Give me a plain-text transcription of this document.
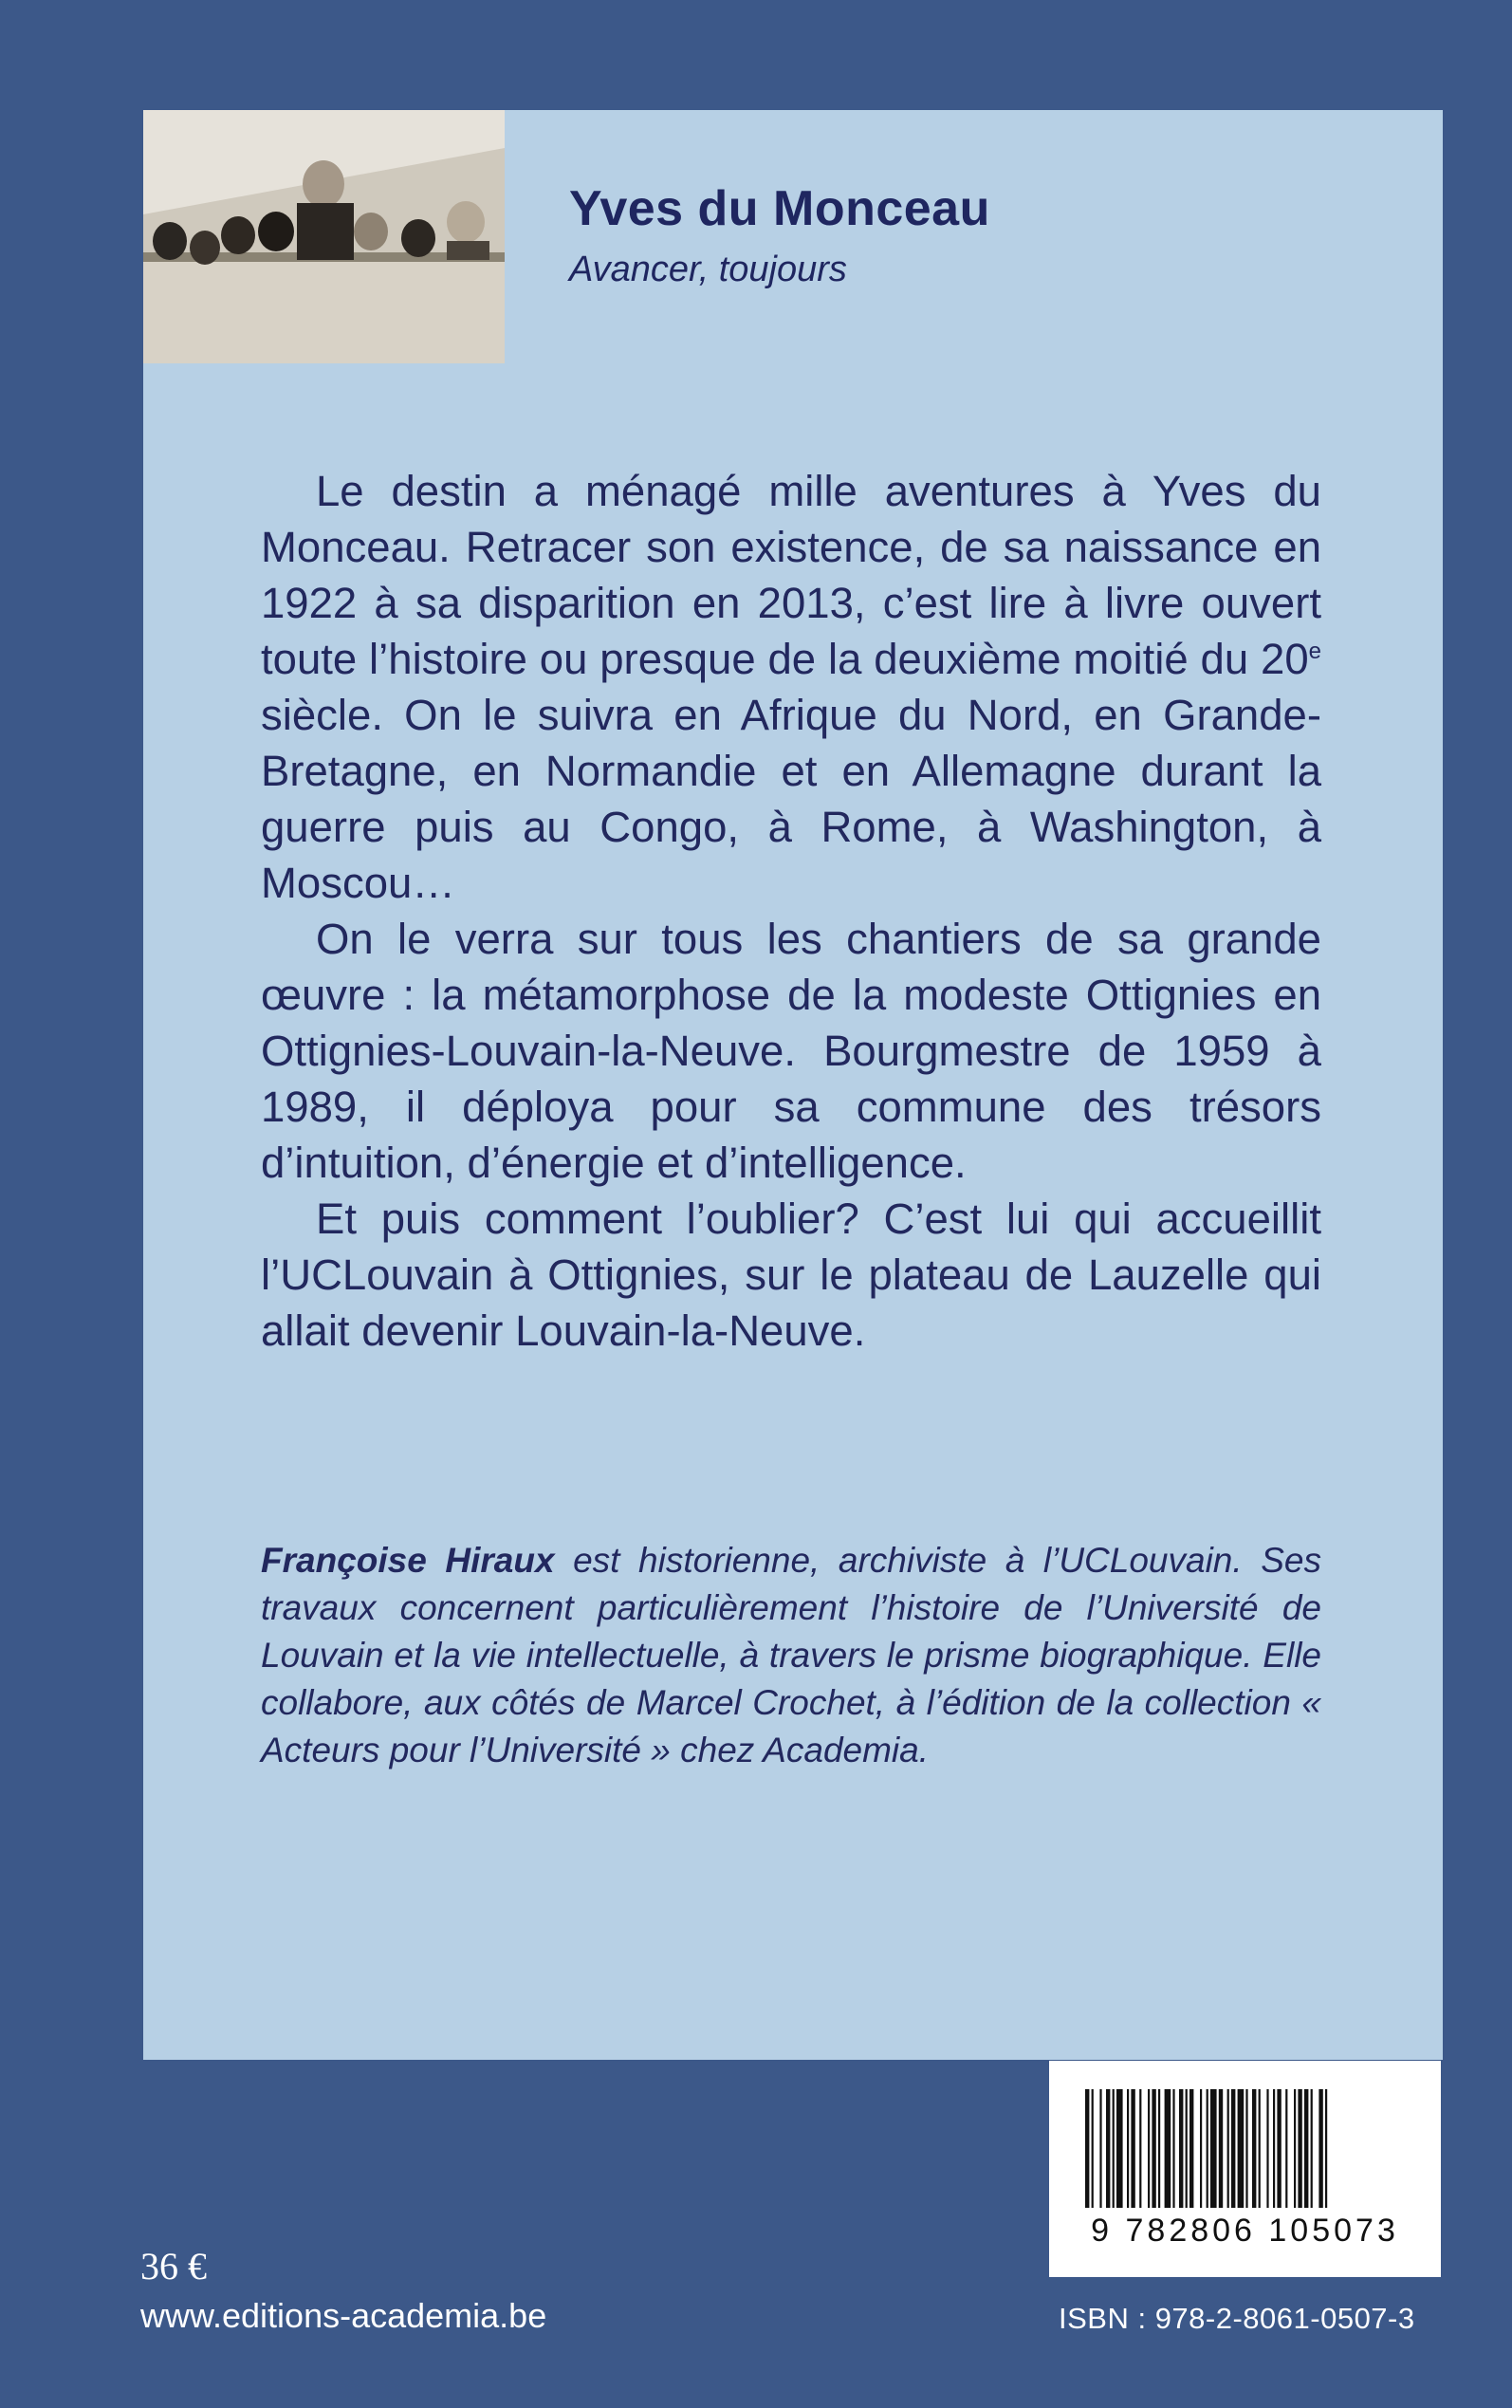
Yves du Monceau
Avancer, toujours

Le destin a ménagé mille aventures à Yves du Monceau. Retracer son existence, de sa naissance en 1922 à sa disparition en 2013, c’est lire à livre ouvert toute l’histoire ou presque de la deuxième moitié du 20e siècle. On le suivra en Afrique du Nord, en Grande-Bretagne, en Normandie et en Allemagne durant la guerre puis au Congo, à Rome, à Washington, à Moscou…

On le verra sur tous les chantiers de sa grande œuvre : la métamorphose de la modeste Ottignies en Ottignies-Louvain-la-Neuve. Bourgmestre de 1959 à 1989, il déploya pour sa commune des trésors d’intuition, d’énergie et d’intelligence.

Et puis comment l’oublier? C’est lui qui accueillit l’UCLouvain à Ottignies, sur le plateau de Lauzelle qui allait devenir Louvain-la-Neuve.

Françoise Hiraux est historienne, archiviste à l’UCLouvain. Ses travaux concernent particulièrement l’histoire de l’Université de Louvain et la vie intellectuelle, à travers le prisme biographique. Elle collabore, aux côtés de Marcel Crochet, à l’édition de la collection « Acteurs pour l’Université » chez Academia.
9 782806 105073
36 €
www.editions-academia.be	ISBN : 978-2-8061-0507-3
